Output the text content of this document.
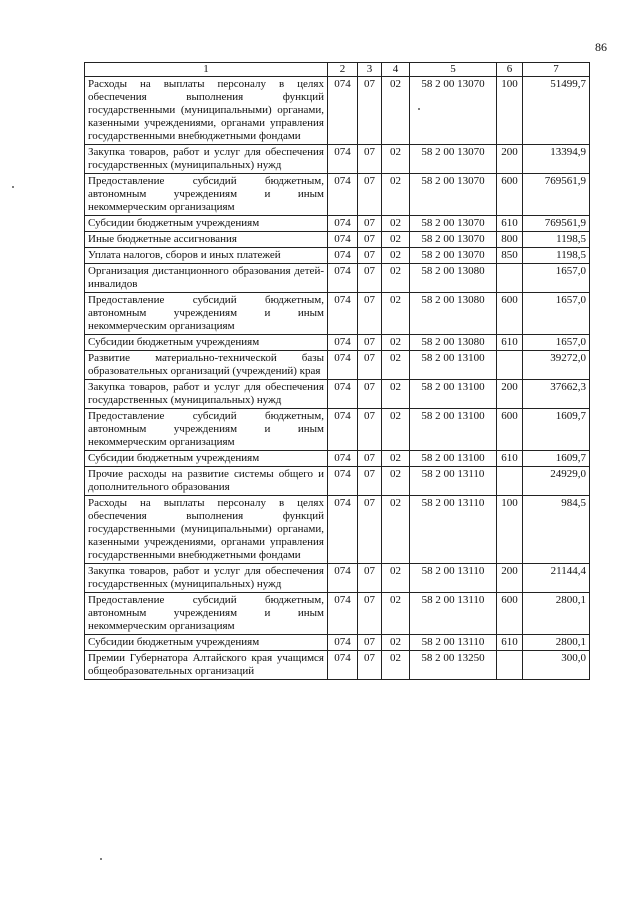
86
1	2	3	4	5	6	7
Расходы на выплаты персоналу в целях обеспечения выполнения функций государственными (муниципальными) органами, казенными учреждениями, органами управления государственными внебюджетными фондами	074	07	02	58 2 00 13070	100	51499,7
Закупка товаров, работ и услуг для обеспечения государственных (муниципальных) нужд	074	07	02	58 2 00 13070	200	13394,9
Предоставление субсидий бюджетным, автономным учреждениям и иным некоммерческим организациям	074	07	02	58 2 00 13070	600	769561,9
Субсидии бюджетным учреждениям	074	07	02	58 2 00 13070	610	769561,9
Иные бюджетные ассигнования	074	07	02	58 2 00 13070	800	1198,5
Уплата налогов, сборов и иных платежей	074	07	02	58 2 00 13070	850	1198,5
Организация дистанционного образования детей-инвалидов	074	07	02	58 2 00 13080		1657,0
Предоставление субсидий бюджетным, автономным учреждениям и иным некоммерческим организациям	074	07	02	58 2 00 13080	600	1657,0
Субсидии бюджетным учреждениям	074	07	02	58 2 00 13080	610	1657,0
Развитие материально-технической базы образовательных организаций (учреждений) края	074	07	02	58 2 00 13100		39272,0
Закупка товаров, работ и услуг для обеспечения государственных (муниципальных) нужд	074	07	02	58 2 00 13100	200	37662,3
Предоставление субсидий бюджетным, автономным учреждениям и иным некоммерческим организациям	074	07	02	58 2 00 13100	600	1609,7
Субсидии бюджетным учреждениям	074	07	02	58 2 00 13100	610	1609,7
Прочие расходы на развитие системы общего и дополнительного образования	074	07	02	58 2 00 13110		24929,0
Расходы на выплаты персоналу в целях обеспечения выполнения функций государственными (муниципальными) органами, казенными учреждениями, органами управления государственными внебюджетными фондами	074	07	02	58 2 00 13110	100	984,5
Закупка товаров, работ и услуг для обеспечения государственных (муниципальных) нужд	074	07	02	58 2 00 13110	200	21144,4
Предоставление субсидий бюджетным, автономным учреждениям и иным некоммерческим организациям	074	07	02	58 2 00 13110	600	2800,1
Субсидии бюджетным учреждениям	074	07	02	58 2 00 13110	610	2800,1
Премии Губернатора Алтайского края учащимся общеобразовательных организаций	074	07	02	58 2 00 13250		300,0
